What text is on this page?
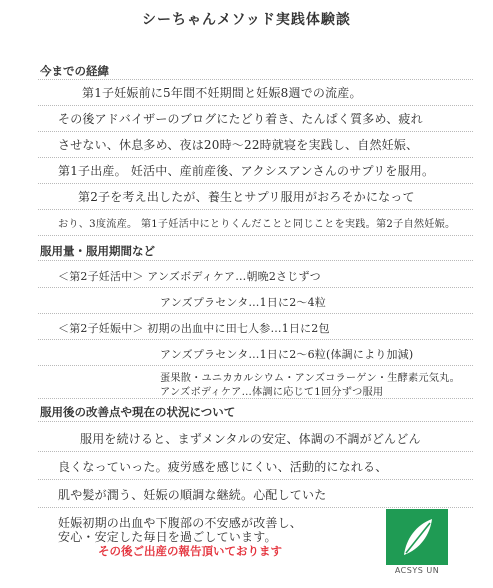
シーちゃんメソッド実践体験談
今までの経緯
第1子妊娠前に5年間不妊期間と妊娠8週での流産。
その後アドバイザーのブログにたどり着き、たんぱく質多め、疲れ
させない、休息多め、夜は20時～22時就寝を実践し、自然妊娠、
第1子出産。 妊活中、産前産後、アクシスアンさんのサプリを服用。
第2子を考え出したが、養生とサプリ服用がおろそかになって
おり、3度流産。 第1子妊活中にとりくんだことと同じことを実践。第2子自然妊娠。
服用量・服用期間など
＜第2子妊活中＞ アンズボディケア…朝晩2さじずつ
アンズプラセンタ…1日に2～4粒
＜第2子妊娠中＞ 初期の出血中に田七人参…1日に2包
アンズプラセンタ…1日に2～6粒(体調により加減)
蛋果散・ユニカカルシウム・アンズコラーゲン・生酵素元気丸。
アンズボディケア…体調に応じて1回分ずつ服用
服用後の改善点や現在の状況について
服用を続けると、まずメンタルの安定、体調の不調がどんどん
良くなっていった。疲労感を感じにくい、活動的になれる、
肌や髪が潤う、妊娠の順調な継続。心配していた
妊娠初期の出血や下腹部の不安感が改善し、
その後ご出産の報告頂いております
ACSYS UN
安心・安定した毎日を過ごしています。
